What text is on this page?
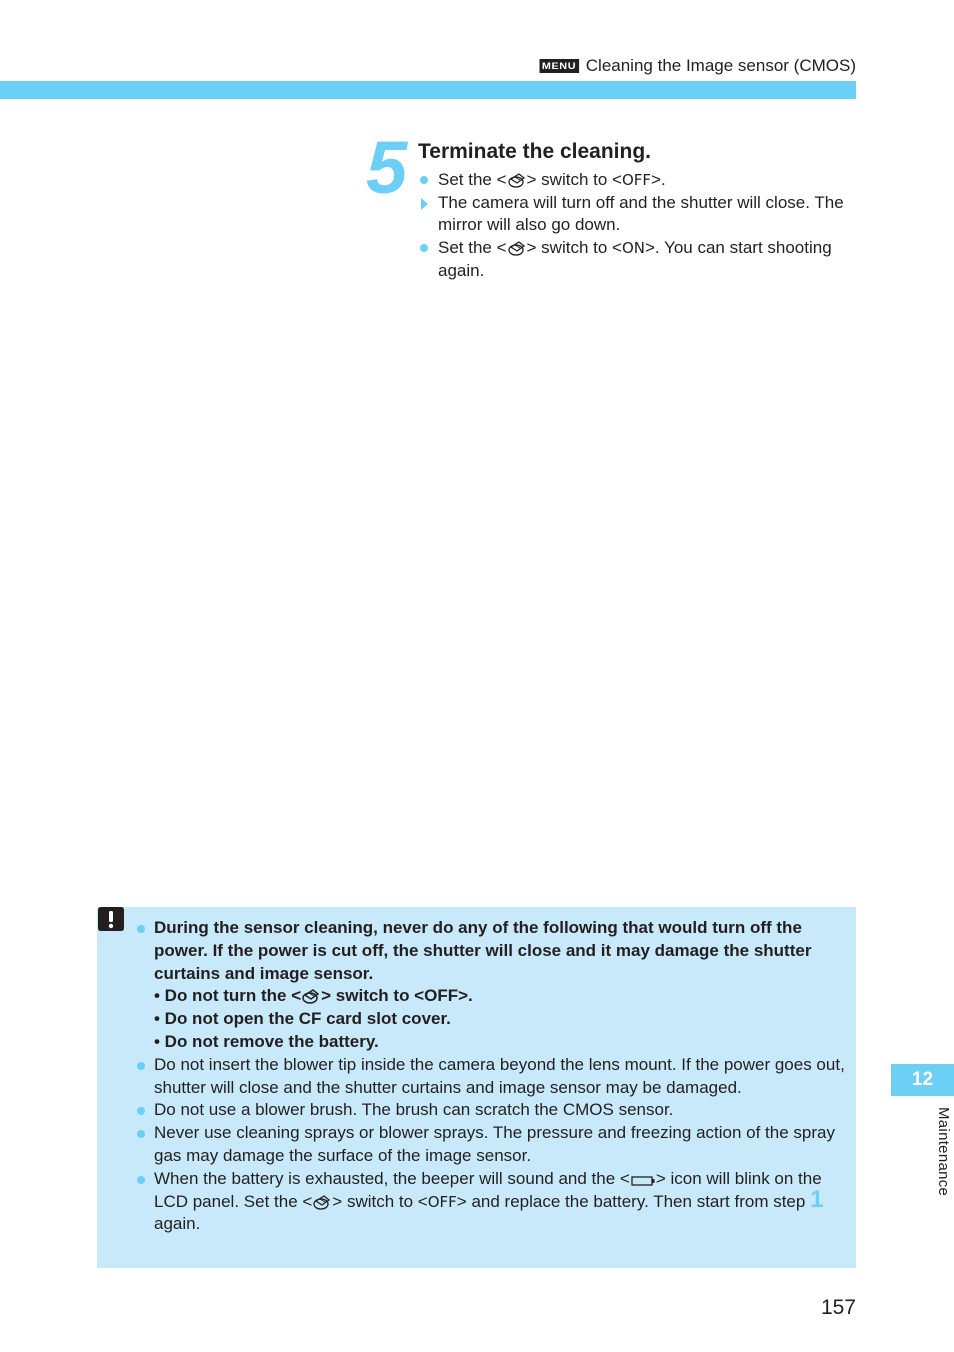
MENU Cleaning the Image sensor (CMOS)
5 Terminate the cleaning.
Set the < > switch to <OFF>.
The camera will turn off and the shutter will close. The mirror will also go down.
Set the < > switch to <ON>. You can start shooting again.
During the sensor cleaning, never do any of the following that would turn off the power. If the power is cut off, the shutter will close and it may damage the shutter curtains and image sensor.
• Do not turn the < > switch to <OFF>.
• Do not open the CF card slot cover.
• Do not remove the battery.
Do not insert the blower tip inside the camera beyond the lens mount. If the power goes out, shutter will close and the shutter curtains and image sensor may be damaged.
Do not use a blower brush. The brush can scratch the CMOS sensor.
Never use cleaning sprays or blower sprays. The pressure and freezing action of the spray gas may damage the surface of the image sensor.
When the battery is exhausted, the beeper will sound and the < > icon will blink on the LCD panel. Set the < > switch to <OFF> and replace the battery. Then start from step 1 again.
12
Maintenance
157
